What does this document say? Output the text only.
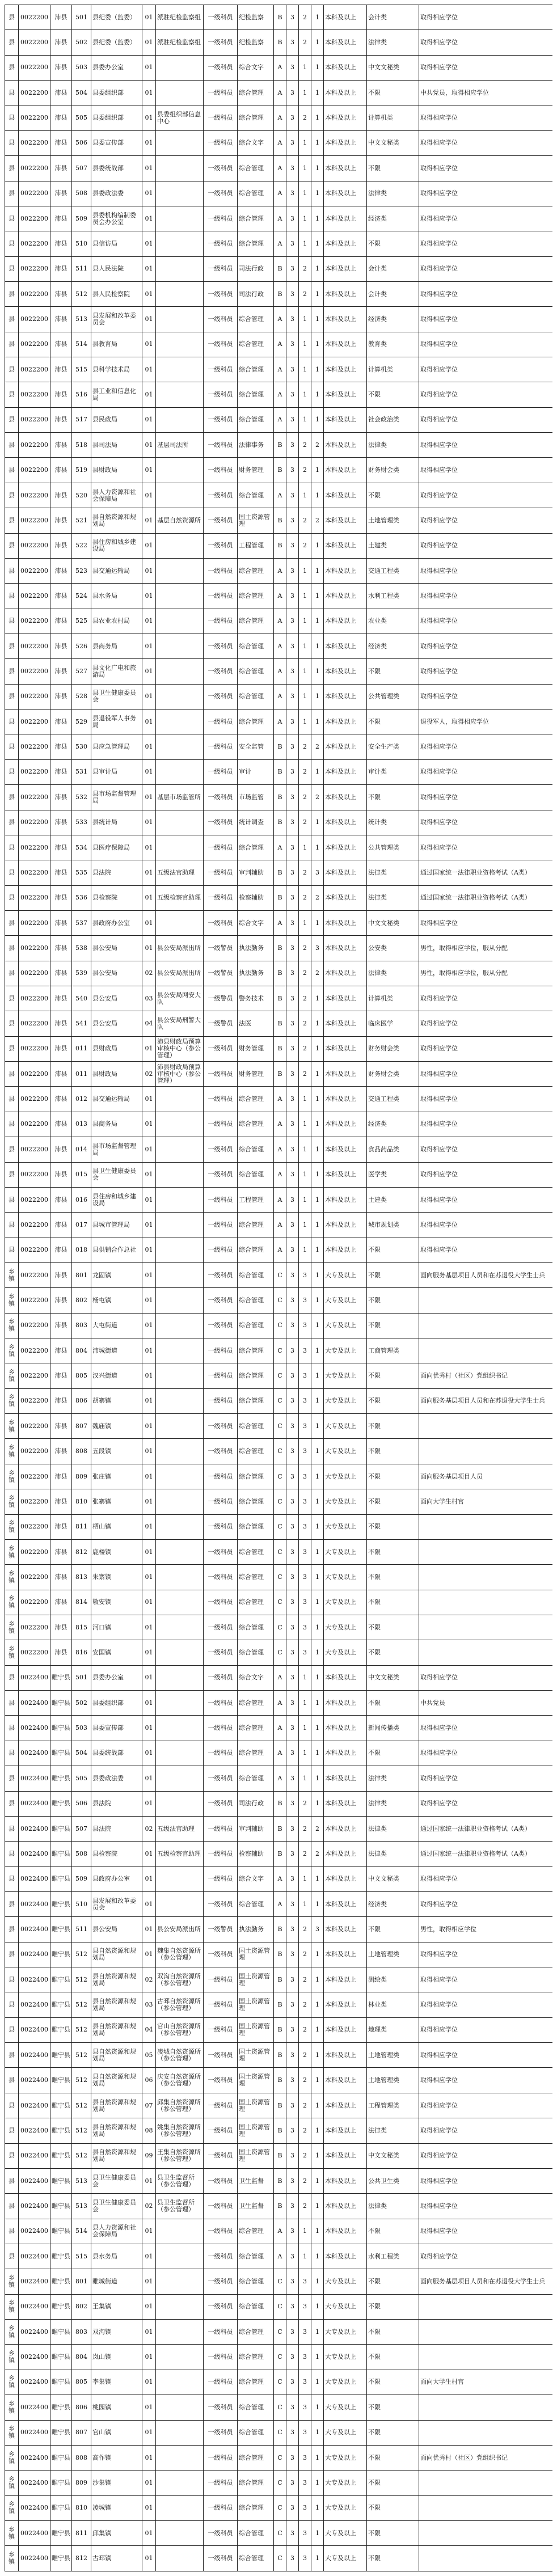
县	0022200	沛县	501	县纪委（监委）	01	派驻纪检监察组	一级科员	纪检监察	B	3	2	1	本科及以上	会计类	取得相应学位
县	0022200	沛县	502	县纪委（监委）	01	派驻纪检监察组	一级科员	纪检监察	B	3	2	1	本科及以上	法律类	取得相应学位
县	0022200	沛县	503	县委办公室	01		一级科员	综合文字	A	3	1	1	本科及以上	中文文秘类	取得相应学位
县	0022200	沛县	504	县委组织部	01		一级科员	综合管理	A	3	1	1	本科及以上	不限	中共党员，取得相应学位
县	0022200	沛县	505	县委组织部	01	县委组织部信息中心	一级科员	综合管理	A	3	2	1	本科及以上	计算机类	取得相应学位
县	0022200	沛县	506	县委宣传部	01		一级科员	综合文字	A	3	1	1	本科及以上	中文文秘类	取得相应学位
县	0022200	沛县	507	县委统战部	01		一级科员	综合管理	A	3	1	1	本科及以上	不限	取得相应学位
县	0022200	沛县	508	县委政法委	01		一级科员	综合管理	A	3	1	1	本科及以上	法律类	取得相应学位
县	0022200	沛县	509	县委机构编制委员会办公室	01		一级科员	综合管理	A	3	1	1	本科及以上	经济类	取得相应学位
县	0022200	沛县	510	县信访局	01		一级科员	综合管理	A	3	1	1	本科及以上	不限	取得相应学位
县	0022200	沛县	511	县人民法院	01		一级科员	司法行政	B	3	2	1	本科及以上	会计类	取得相应学位
县	0022200	沛县	512	县人民检察院	01		一级科员	司法行政	B	3	2	1	本科及以上	会计类	取得相应学位
县	0022200	沛县	513	县发展和改革委员会	01		一级科员	综合管理	A	3	1	1	本科及以上	经济类	取得相应学位
县	0022200	沛县	514	县教育局	01		一级科员	综合管理	A	3	1	1	本科及以上	教育类	取得相应学位
县	0022200	沛县	515	县科学技术局	01		一级科员	综合管理	A	3	1	1	本科及以上	计算机类	取得相应学位
县	0022200	沛县	516	县工业和信息化局	01		一级科员	综合管理	A	3	1	1	本科及以上	不限	取得相应学位
县	0022200	沛县	517	县民政局	01		一级科员	综合管理	A	3	1	1	本科及以上	社会政治类	取得相应学位
县	0022200	沛县	518	县司法局	01	基层司法所	一级科员	法律事务	B	3	2	2	本科及以上	法律类	取得相应学位
县	0022200	沛县	519	县财政局	01		一级科员	财务管理	B	3	2	1	本科及以上	财务财会类	取得相应学位
县	0022200	沛县	520	县人力资源和社会保障局	01		一级科员	综合管理	A	3	1	1	本科及以上	不限	取得相应学位
县	0022200	沛县	521	县自然资源和规划局	01	基层自然资源所	一级科员	国土资源管理	B	3	2	2	本科及以上	土地管理类	取得相应学位
县	0022200	沛县	522	县住房和城乡建设局	01		一级科员	工程管理	B	3	2	1	本科及以上	土建类	取得相应学位
县	0022200	沛县	523	县交通运输局	01		一级科员	综合管理	A	3	1	1	本科及以上	交通工程类	取得相应学位
县	0022200	沛县	524	县水务局	01		一级科员	综合管理	A	3	1	1	本科及以上	水利工程类	取得相应学位
县	0022200	沛县	525	县农业农村局	01		一级科员	综合管理	A	3	1	1	本科及以上	农业类	取得相应学位
县	0022200	沛县	526	县商务局	01		一级科员	综合管理	A	3	1	1	本科及以上	经济类	取得相应学位
县	0022200	沛县	527	县文化广电和旅游局	01		一级科员	综合管理	A	3	1	1	本科及以上	不限	取得相应学位
县	0022200	沛县	528	县卫生健康委员会	01		一级科员	综合管理	A	3	1	1	本科及以上	公共管理类	取得相应学位
县	0022200	沛县	529	县退役军人事务局	01		一级科员	综合管理	A	3	1	1	本科及以上	不限	退役军人，取得相应学位
县	0022200	沛县	530	县应急管理局	01		一级科员	安全监管	B	3	2	2	本科及以上	安全生产类	取得相应学位
县	0022200	沛县	531	县审计局	01		一级科员	审计	B	3	2	1	本科及以上	审计类	取得相应学位
县	0022200	沛县	532	县市场监督管理局	01	基层市场监管所	一级科员	市场监管	B	3	2	2	本科及以上	不限	取得相应学位
县	0022200	沛县	533	县统计局	01		一级科员	统计调查	B	3	2	1	本科及以上	统计类	取得相应学位
县	0022200	沛县	534	县医疗保障局	01		一级科员	综合管理	A	3	1	1	本科及以上	公共管理类	取得相应学位
县	0022200	沛县	535	县法院	01	五级法官助理	一级科员	审判辅助	B	3	2	3	本科及以上	法律类	通过国家统一法律职业资格考试（A类）
县	0022200	沛县	536	县检察院	01	五级检察官助理	一级科员	检察辅助	B	3	2	2	本科及以上	法律类	通过国家统一法律职业资格考试（A类）
县	0022200	沛县	537	县政府办公室	01		一级科员	综合文字	A	3	1	1	本科及以上	中文文秘类	取得相应学位
县	0022200	沛县	538	县公安局	01	县公安局派出所	一级警员	执法勤务	B	3	2	3	本科及以上	公安类	男性，取得相应学位，服从分配
县	0022200	沛县	539	县公安局	02	县公安局派出所	一级警员	执法勤务	B	3	2	2	本科及以上	法律类	男性，取得相应学位，服从分配
县	0022200	沛县	540	县公安局	03	县公安局网安大队	一级警员	警务技术	B	3	2	1	本科及以上	计算机类	取得相应学位
县	0022200	沛县	541	县公安局	04	县公安局刑警大队	一级警员	法医	B	3	2	1	本科及以上	临床医学	取得相应学位
县	0022200	沛县	011	县财政局	01	沛县财政局预算审核中心（参公管理）	一级科员	财务管理	B	3	2	1	本科及以上	财务财会类	取得相应学位
县	0022200	沛县	011	县财政局	02	沛县财政局预算审核中心（参公管理）	一级科员	财务管理	B	3	2	1	本科及以上	财务财会类	取得相应学位
县	0022200	沛县	012	县交通运输局	01		一级科员	综合管理	A	3	1	1	本科及以上	交通工程类	取得相应学位
县	0022200	沛县	013	县商务局	01		一级科员	综合管理	A	3	1	1	本科及以上	经济类	取得相应学位
县	0022200	沛县	014	县市场监督管理局	01		一级科员	综合管理	A	3	1	1	本科及以上	食品药品类	取得相应学位
县	0022200	沛县	015	县卫生健康委员会	01		一级科员	综合管理	A	3	1	1	本科及以上	医学类	取得相应学位
县	0022200	沛县	016	县住房和城乡建设局	01		一级科员	工程管理	A	3	1	1	本科及以上	土建类	取得相应学位
县	0022200	沛县	017	县城市管理局	01		一级科员	综合管理	A	3	1	1	本科及以上	城市规划类	取得相应学位
县	0022200	沛县	018	县供销合作总社	01		一级科员	综合管理	A	3	1	1	本科及以上	不限	取得相应学位
乡镇	0022200	沛县	801	龙固镇	01		一级科员	综合管理	C	3	3	1	大专及以上	不限	面向服务基层项目人员和在苏退役大学生士兵
乡镇	0022200	沛县	802	杨屯镇	01		一级科员	综合管理	C	3	3	1	大专及以上	不限	
乡镇	0022200	沛县	803	大屯街道	01		一级科员	综合管理	C	3	3	1	大专及以上	不限	
乡镇	0022200	沛县	804	沛城街道	01		一级科员	综合管理	C	3	3	1	大专及以上	工商管理类	
乡镇	0022200	沛县	805	汉兴街道	01		一级科员	综合管理	C	3	3	1	大专及以上	不限	面向优秀村（社区）党组织书记
乡镇	0022200	沛县	806	胡寨镇	01		一级科员	综合管理	C	3	3	1	大专及以上	不限	面向服务基层项目人员和在苏退役大学生士兵
乡镇	0022200	沛县	807	魏庙镇	01		一级科员	综合管理	C	3	3	1	大专及以上	不限	
乡镇	0022200	沛县	808	五段镇	01		一级科员	综合管理	C	3	3	1	大专及以上	不限	
乡镇	0022200	沛县	809	张庄镇	01		一级科员	综合管理	C	3	3	1	大专及以上	不限	面向服务基层项目人员
乡镇	0022200	沛县	810	张寨镇	01		一级科员	综合管理	C	3	3	1	大专及以上	不限	面向大学生村官
乡镇	0022200	沛县	811	栖山镇	01		一级科员	综合管理	C	3	3	1	大专及以上	不限	
乡镇	0022200	沛县	812	鹿楼镇	01		一级科员	综合管理	C	3	3	1	大专及以上	不限	
乡镇	0022200	沛县	813	朱寨镇	01		一级科员	综合管理	C	3	3	1	大专及以上	不限	
乡镇	0022200	沛县	814	敬安镇	01		一级科员	综合管理	C	3	3	1	大专及以上	不限	
乡镇	0022200	沛县	815	河口镇	01		一级科员	综合管理	C	3	3	1	大专及以上	不限	
乡镇	0022200	沛县	816	安国镇	01		一级科员	综合管理	C	3	3	1	大专及以上	不限	
县	0022400	睢宁县	501	县委办公室	01		一级科员	综合文字	A	3	1	1	本科及以上	中文文秘类	取得相应学位
县	0022400	睢宁县	502	县委组织部	01		一级科员	综合管理	A	3	1	1	本科及以上	不限	中共党员
县	0022400	睢宁县	503	县委宣传部	01		一级科员	综合管理	A	3	1	1	本科及以上	新闻传播类	取得相应学位
县	0022400	睢宁县	504	县委统战部	01		一级科员	综合管理	A	3	1	1	本科及以上	不限	取得相应学位
县	0022400	睢宁县	505	县委政法委	01		一级科员	综合管理	A	3	1	1	本科及以上	法律类	取得相应学位
县	0022400	睢宁县	506	县法院	01		一级科员	司法行政	B	3	2	1	本科及以上	法律类	取得相应学位
县	0022400	睢宁县	507	县法院	02	五级法官助理	一级科员	审判辅助	B	3	2	2	本科及以上	法律类	通过国家统一法律职业资格考试（A类）
县	0022400	睢宁县	508	县检察院	01	五级检察官助理	一级科员	检察辅助	B	3	2	2	本科及以上	法律类	通过国家统一法律职业资格考试（A类）
县	0022400	睢宁县	509	县政府办公室	01		一级科员	综合文字	A	3	1	1	本科及以上	中文文秘类	取得相应学位
县	0022400	睢宁县	510	县发展和改革委员会	01		一级科员	综合管理	A	3	1	1	本科及以上	经济类	取得相应学位
县	0022400	睢宁县	511	县公安局	01	县公安局派出所	一级警员	执法勤务	B	3	2	3	本科及以上	不限	男性，取得相应学位
县	0022400	睢宁县	512	县自然资源和规划局	01	魏集自然资源所（参公管理）	一级科员	国土资源管理	B	3	2	1	本科及以上	土地管理类	取得相应学位
县	0022400	睢宁县	512	县自然资源和规划局	02	双沟自然资源所（参公管理）	一级科员	国土资源管理	B	3	2	1	本科及以上	测绘类	取得相应学位
县	0022400	睢宁县	512	县自然资源和规划局	03	古邳自然资源所（参公管理）	一级科员	国土资源管理	B	3	2	1	本科及以上	林业类	取得相应学位
县	0022400	睢宁县	512	县自然资源和规划局	04	官山自然资源所（参公管理）	一级科员	国土资源管理	B	3	2	1	本科及以上	地理类	取得相应学位
县	0022400	睢宁县	512	县自然资源和规划局	05	凌城自然资源所（参公管理）	一级科员	国土资源管理	B	3	2	1	本科及以上	土地管理类	取得相应学位
县	0022400	睢宁县	512	县自然资源和规划局	06	庆安自然资源所（参公管理）	一级科员	国土资源管理	B	3	2	1	本科及以上	土地管理类	取得相应学位
县	0022400	睢宁县	512	县自然资源和规划局	07	邱集自然资源所（参公管理）	一级科员	国土资源管理	B	3	2	1	本科及以上	工程管理类	取得相应学位
县	0022400	睢宁县	512	县自然资源和规划局	08	姚集自然资源所（参公管理）	一级科员	国土资源管理	B	3	2	1	本科及以上	法律类	取得相应学位
县	0022400	睢宁县	512	县自然资源和规划局	09	王集自然资源所（参公管理）	一级科员	国土资源管理	B	3	2	1	本科及以上	中文文秘类	取得相应学位
县	0022400	睢宁县	513	县卫生健康委员会	01	县卫生监督所（参公管理）	一级科员	卫生监督	B	3	2	1	本科及以上	公共卫生类	取得相应学位
县	0022400	睢宁县	513	县卫生健康委员会	02	县卫生监督所（参公管理）	一级科员	卫生监督	B	3	2	1	本科及以上	法律类	取得相应学位
县	0022400	睢宁县	514	县人力资源和社会保障局	01		一级科员	综合管理	A	3	1	1	本科及以上	不限	取得相应学位
县	0022400	睢宁县	515	县水务局	01		一级科员	综合管理	A	3	1	1	本科及以上	水利工程类	取得相应学位
乡镇	0022400	睢宁县	801	睢城街道	01		一级科员	综合管理	C	3	3	1	大专及以上	不限	面向服务基层项目人员和在苏退役大学生士兵
乡镇	0022400	睢宁县	802	王集镇	01		一级科员	综合管理	C	3	3	1	大专及以上	不限	
乡镇	0022400	睢宁县	803	双沟镇	01		一级科员	综合管理	C	3	3	1	大专及以上	不限	
乡镇	0022400	睢宁县	804	岚山镇	01		一级科员	综合管理	C	3	3	1	大专及以上	不限	
乡镇	0022400	睢宁县	805	李集镇	01		一级科员	综合管理	C	3	3	1	大专及以上	不限	面向大学生村官
乡镇	0022400	睢宁县	806	桃园镇	01		一级科员	综合管理	C	3	3	1	大专及以上	不限	
乡镇	0022400	睢宁县	807	官山镇	01		一级科员	综合管理	C	3	3	1	大专及以上	不限	
乡镇	0022400	睢宁县	808	高作镇	01		一级科员	综合管理	C	3	3	1	大专及以上	不限	面向优秀村（社区）党组织书记
乡镇	0022400	睢宁县	809	沙集镇	01		一级科员	综合管理	C	3	3	1	大专及以上	不限	
乡镇	0022400	睢宁县	810	凌城镇	01		一级科员	综合管理	C	3	3	1	大专及以上	不限	
乡镇	0022400	睢宁县	811	邱集镇	01		一级科员	综合管理	C	3	3	1	大专及以上	不限	
乡镇	0022400	睢宁县	812	古邳镇	01		一级科员	综合管理	C	3	3	1	大专及以上	不限	
